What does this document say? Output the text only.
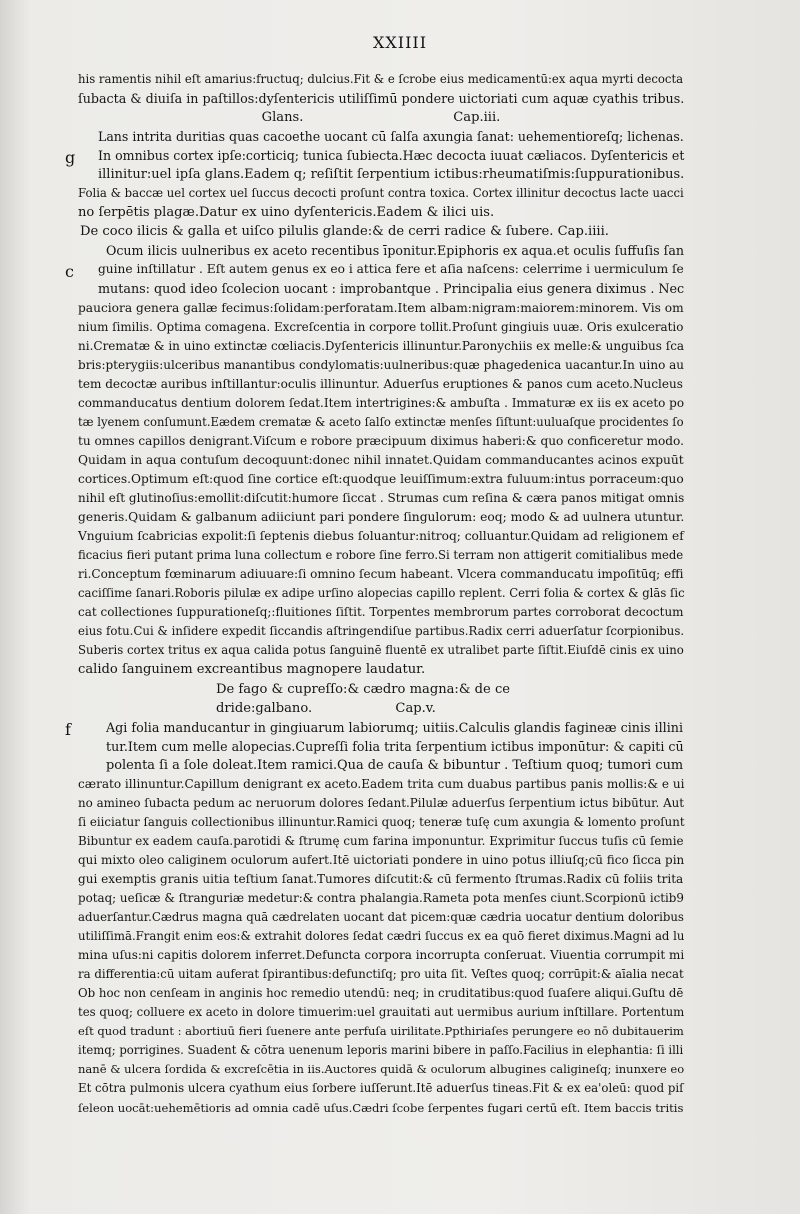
XXIIII
g
c
f
his ramentis nihil eſt amarius:fructuq; dulcius.Fit & e ſcrobe eius medicamentū:ex aqua myrti decocta
ſubacta & diuiſa in paſtillos:dyſentericis utiliſſimū pondere uictoriati cum aquæ cyathis tribus.
Glans.                                    Cap.iii.
Lans intrita duritias quas cacoethe uocant cū ſalſa axungia ſanat: uehementioreſq; lichenas.
In omnibus cortex ipſe:corticiq; tunica ſubiecta.Hæc decocta iuuat cæliacos. Dyſentericis et
illinitur:uel ipſa glans.Eadem q; reſiſtit ſerpentium ictibus:rheumatiſmis:ſuppurationibus.
Folia & baccæ uel cortex uel ſuccus decocti proſunt contra toxica. Cortex illinitur decoctus lacte uacci
no ſerpētis plagæ.Datur ex uino dyſentericis.Eadem & ilici uis.
De coco ilicis & galla et uiſco pilulis glande:& de cerri radice & ſubere. Cap.iiii.
Ocum ilicis uulneribus ex aceto recentibus īponitur.Epiphoris ex aqua.et oculis ſuffuſis ſan
guine inſtillatur . Eſt autem genus ex eo i attica fere et aſia naſcens: celerrime i uermiculum ſe
mutans: quod ideo ſcolecion uocant : improbantque . Principalia eius genera diximus . Nec
pauciora genera gallæ fecimus:ſolidam:perforatam.Item albam:nigram:maiorem:minorem. Vis om
nium ſimilis. Optima comagena. Excreſcentia in corpore tollit.Proſunt gingiuis uuæ. Oris exulceratio
ni.Crematæ & in uino extinctæ cœliacis.Dyſentericis illinuntur.Paronychiis ex melle:& unguibus ſca
bris:pterygiis:ulceribus manantibus condylomatis:uulneribus:quæ phagedenica uacantur.In uino au
tem decoctæ auribus inſtillantur:oculis illinuntur. Aduerſus eruptiones & panos cum aceto.Nucleus
commanducatus dentium dolorem ſedat.Item intertrigines:& ambuſta . Immaturæ ex iis ex aceto po
tæ lyenem conſumunt.Eædem crematæ & aceto ſalſo extinctæ menſes ſiſtunt:uuluaſque procidentes ſo
tu omnes capillos denigrant.Viſcum e robore præcipuum diximus haberi:& quo conficeretur modo.
Quidam in aqua contuſum decoquunt:donec nihil innatet.Quidam commanducantes acinos expuūt
cortices.Optimum eſt:quod ſine cortice eſt:quodque leuiſſimum:extra fuluum:intus porraceum:quo
nihil eſt glutinoſius:emollit:diſcutit:humore ſiccat . Strumas cum reſina & cæra panos mitigat omnis
generis.Quidam & galbanum adiiciunt pari pondere ſingulorum: eoq; modo & ad uulnera utuntur.
Vnguium ſcabricias expolit:ſi ſeptenis diebus ſoluantur:nitroq; colluantur.Quidam ad religionem ef
ficacius fieri putant prima luna collectum e robore ſine ferro.Si terram non attigerit comitialibus mede
ri.Conceptum fœminarum adiuuare:ſi omnino ſecum habeant. Vlcera commanducatu impoſitūq; effi
caciſſime ſanari.Roboris pilulæ ex adipe urſino alopecias capillo replent. Cerri folia & cortex & glās ſic
cat collectiones ſuppurationeſq;:fluitiones ſiſtit. Torpentes membrorum partes corroborat decoctum
eius fotu.Cui & inſidere expedit ſiccandis aſtringendiſue partibus.Radix cerri aduerſatur ſcorpionibus.
Suberis cortex tritus ex aqua calida potus ſanguinē fluentē ex utralibet parte ſiſtit.Eiuſdē cinis ex uino
calido ſanguinem excreantibus magnopere laudatur.
De fago & cupreſſo:& cædro magna:& de ce
dride:galbano.                    Cap.v.
Agi folia manducantur in gingiuarum labiorumq; uitiis.Calculis glandis fagineæ cinis illini
tur.Item cum melle alopecias.Cupreſſi folia trita ſerpentium ictibus imponūtur: & capiti cū
polenta ſi a ſole doleat.Item ramici.Qua de cauſa & bibuntur . Teſtium quoq; tumori cum
cærato illinuntur.Capillum denigrant ex aceto.Eadem trita cum duabus partibus panis mollis:& e ui
no amineo ſubacta pedum ac neruorum dolores ſedant.Pilulæ aduerſus ſerpentium ictus bibūtur. Aut
ſi eiiciatur ſanguis collectionibus illinuntur.Ramici quoq; teneræ tuſę cum axungia & lomento proſunt
Bibuntur ex eadem cauſa.parotidi & ſtrumę cum farina imponuntur. Exprimitur ſuccus tuſis cū ſemie
qui mixto oleo caliginem oculorum aufert.Itē uictoriati pondere in uino potus illiuſq;cū fico ſicca pin
gui exemptis granis uitia teſtium ſanat.Tumores diſcutit:& cū fermento ſtrumas.Radix cū foliis trita
potaq; ueſicæ & ſtranguriæ medetur:& contra phalangia.Rameta pota menſes ciunt.Scorpionū ictib9
aduerſantur.Cædrus magna quā cædrelaten uocant dat picem:quæ cædria uocatur dentium doloribus
utiliſſimā.Frangit enim eos:& extrahit dolores ſedat cædri ſuccus ex ea quō fieret diximus.Magni ad lu
mina uſus:ni capitis dolorem inferret.Defuncta corpora incorrupta conſeruat. Viuentia corrumpit mi
ra differentia:cū uitam auferat ſpirantibus:defunctiſq; pro uita ſit. Veſtes quoq; corrūpit:& aīalia necat
Ob hoc non cenſeam in anginis hoc remedio utendū: neq; in cruditatibus:quod ſuaſere aliqui.Guſtu dē
tes quoq; colluere ex aceto in dolore timuerim:uel grauitati aut uermibus aurium inſtillare. Portentum
eſt quod tradunt : abortiuū fieri ſuenere ante perfuſa uirilitate.Ppthiriaſes perungere eo nō dubitauerim
itemq; porrigines. Suadent & cōtra uenenum leporis marini bibere in paſſo.Facilius in elephantia: ſi illi
nanē & ulcera ſordida & excreſcētia in iis.Auctores quidā & oculorum albugines caligineſq; inunxere eo
Et cōtra pulmonis ulcera cyathum eius ſorbere iuſſerunt.Itē aduerſus tineas.Fit & ex ea'oleū: quod piſ
ſeleon uocāt:uehemētioris ad omnia cadē uſus.Cædri ſcobe ſerpentes fugari certū eſt. Item baccis tritis
